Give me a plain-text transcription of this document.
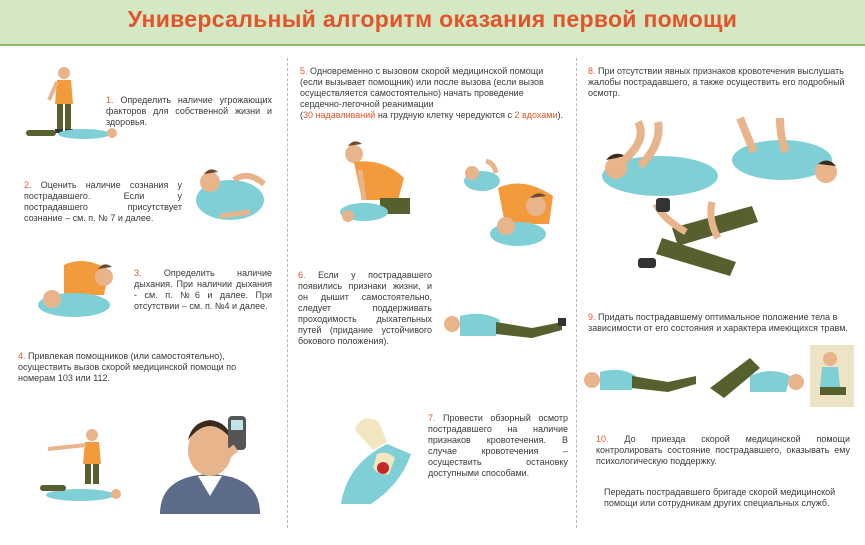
Универсальный алгоритм оказания первой помощи
1. Определить наличие угрожающих факторов для собственной жизни и здоровья.
2. Оценить наличие сознания у пострадавшего. Если у пострадавшего присутствует сознание – см. п. № 7 и далее.
3. Определить наличие дыхания. При наличии дыхания - см. п. №6 и далее. При отсутствии – см. п. №4 и далее.
4. Привлекая помощников (или самостоятельно), осуществить вызов скорой медицинской помощи по номерам 103 или 112.
5. Одновременно с вызовом скорой медицинской помощи (если вызывает помощник) или после вызова (если вызов осуществляется самостоятельно) начать проведение сердечно-легочной реанимации
(30 надавливаний на грудную клетку чередуются с 2 вдохами).
6. Если у пострадавшего появились признаки жизни, и он дышит самостоятельно, следует поддерживать проходимость дыхательных путей (придание устойчивого бокового положения).
7. Провести обзорный осмотр пострадавшего на наличие признаков кровотечения. В случае кровотечения – осуществить остановку доступными способами.
8. При отсутствии явных признаков кровотечения выслушать жалобы пострадавшего, а также осуществить его подробный осмотр.
9. Придать пострадавшему оптимальное положение тела в зависимости от его состояния и характера имеющихся травм.
10. До приезда скорой медицинской помощи контролировать состояние пострадавшего, оказывать ему психологическую поддержку.
Передать пострадавшего бригаде скорой медицинской помощи или сотрудникам других специальных служб.
